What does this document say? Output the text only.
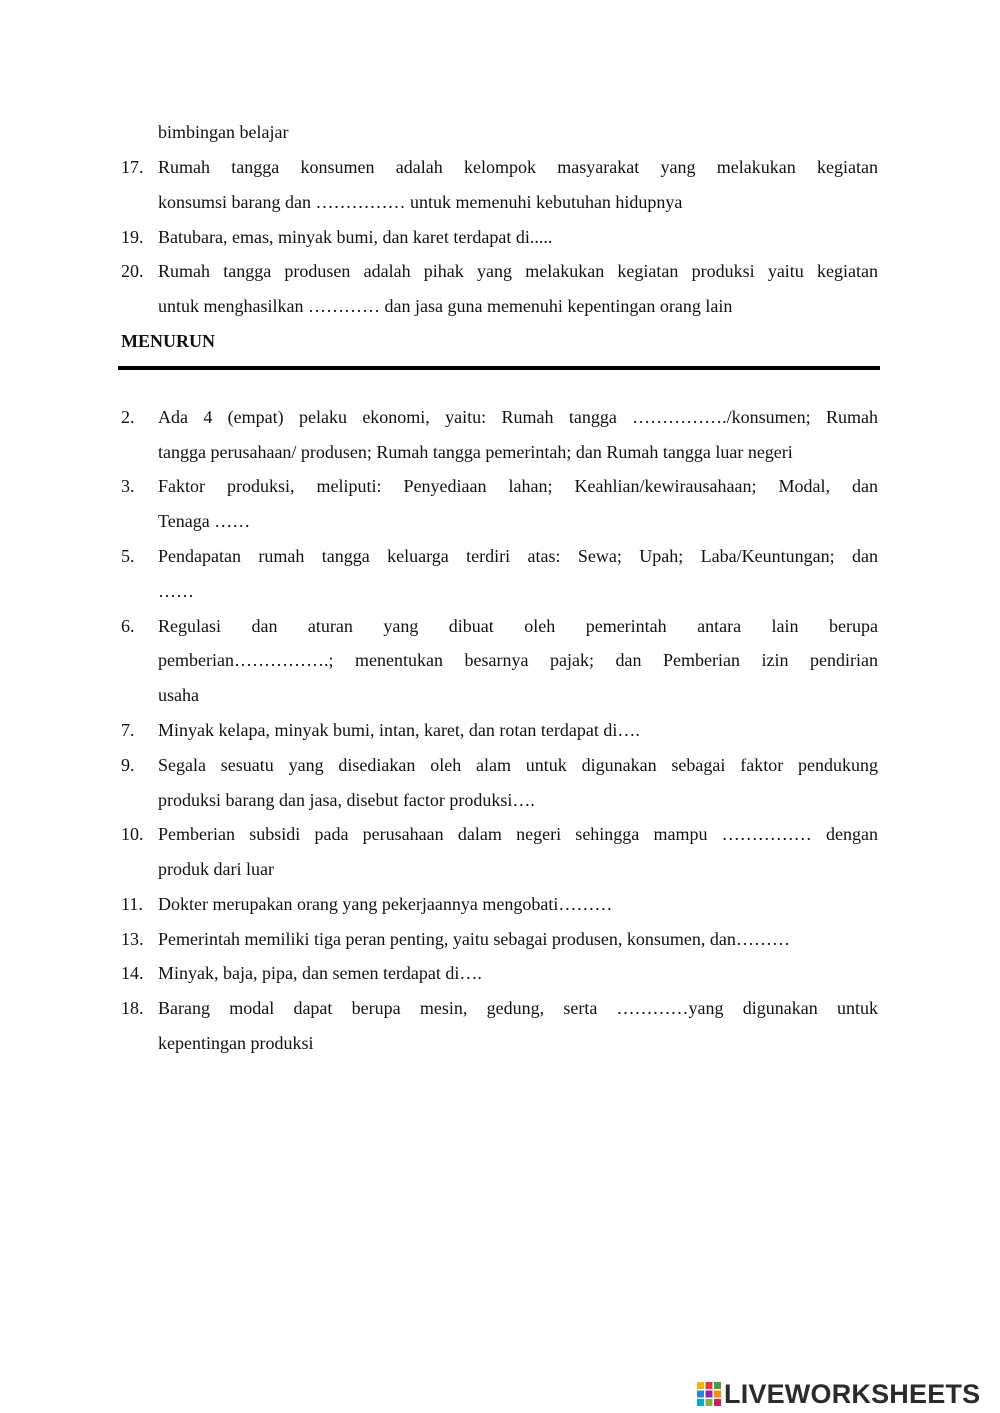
bimbingan belajar
17. Rumah tangga konsumen adalah kelompok masyarakat yang melakukan kegiatan
konsumsi barang dan …………… untuk memenuhi kebutuhan hidupnya
19. Batubara, emas, minyak bumi, dan karet terdapat di.....
20. Rumah tangga produsen adalah pihak yang melakukan kegiatan produksi yaitu kegiatan
untuk menghasilkan ………… dan jasa guna memenuhi kepentingan orang lain
MENURUN
2. Ada 4 (empat) pelaku ekonomi, yaitu: Rumah tangga ……………./konsumen; Rumah
tangga perusahaan/ produsen; Rumah tangga pemerintah; dan Rumah tangga luar negeri
3. Faktor produksi, meliputi: Penyediaan lahan; Keahlian/kewirausahaan; Modal, dan
Tenaga ……
5. Pendapatan rumah tangga keluarga terdiri atas: Sewa; Upah; Laba/Keuntungan; dan
……
6. Regulasi dan aturan yang dibuat oleh pemerintah antara lain berupa
pemberian…………….; menentukan besarnya pajak; dan Pemberian izin pendirian
usaha
7. Minyak kelapa, minyak bumi, intan, karet, dan rotan terdapat di….
9. Segala sesuatu yang disediakan oleh alam untuk digunakan sebagai faktor pendukung
produksi barang dan jasa, disebut factor produksi….
10. Pemberian subsidi pada perusahaan dalam negeri sehingga mampu …………… dengan
produk dari luar
11. Dokter merupakan orang yang pekerjaannya mengobati………
13. Pemerintah memiliki tiga peran penting, yaitu sebagai produsen, konsumen, dan………
14. Minyak, baja, pipa, dan semen terdapat di….
18. Barang modal dapat berupa mesin, gedung, serta …………yang digunakan untuk
kepentingan produksi
LIVEWORKSHEETS
